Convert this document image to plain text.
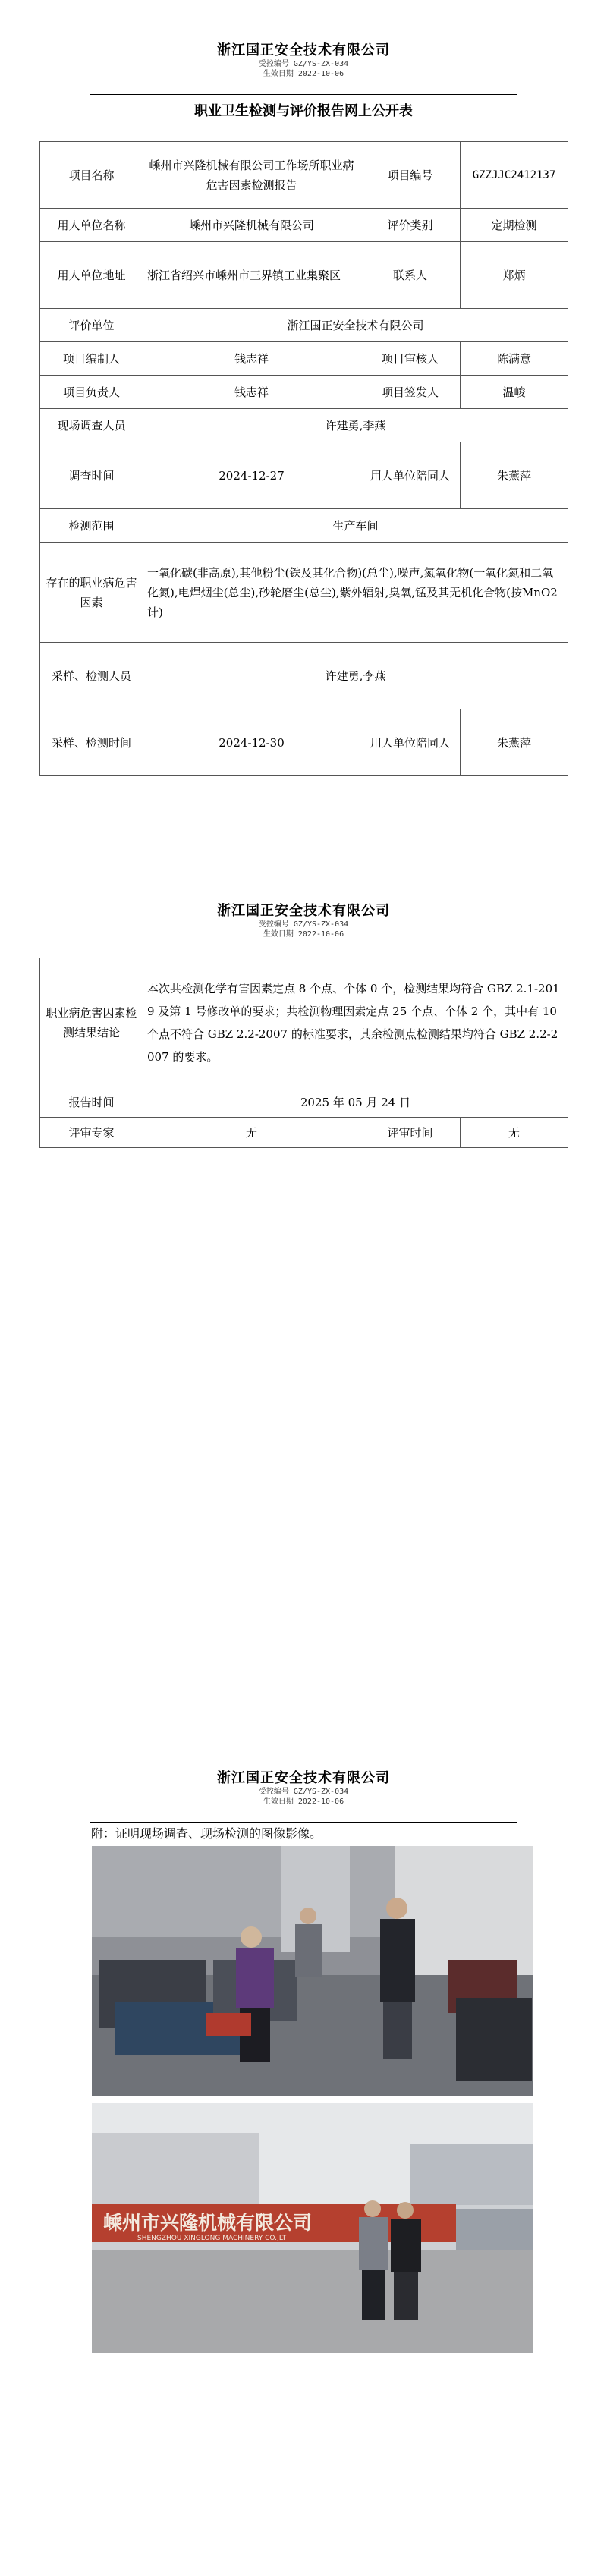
浙江国正安全技术有限公司
受控编号 GZ/YS-ZX-034
生效日期 2022-10-06
职业卫生检测与评价报告网上公开表
项目名称	嵊州市兴隆机械有限公司工作场所职业病危害因素检测报告	项目编号	GZZJJC2412137
用人单位名称	嵊州市兴隆机械有限公司	评价类别	定期检测
用人单位地址	浙江省绍兴市嵊州市三界镇工业集聚区	联系人	郑炳
评价单位	浙江国正安全技术有限公司		
项目编制人	钱志祥	项目审核人	陈满意
项目负责人	钱志祥	项目签发人	温峻
现场调查人员	许建勇,李燕		
调查时间	2024-12-27	用人单位陪同人	朱燕萍
检测范围	生产车间		
存在的职业病危害因素	一氧化碳(非高原),其他粉尘(铁及其化合物)(总尘),噪声,氮氧化物(一氧化氮和二氧化氮),电焊烟尘(总尘),砂轮磨尘(总尘),紫外辐射,臭氧,锰及其无机化合物(按MnO2计)		
采样、检测人员	许建勇,李燕		
采样、检测时间	2024-12-30	用人单位陪同人	朱燕萍
浙江国正安全技术有限公司
受控编号 GZ/YS-ZX-034
生效日期 2022-10-06
职业病危害因素检测结果结论	本次共检测化学有害因素定点 8 个点、个体 0 个，检测结果均符合 GBZ 2.1-2019 及第 1 号修改单的要求；共检测物理因素定点 25 个点、个体 2 个，其中有 10 个点不符合 GBZ 2.2-2007 的标准要求，其余检测点检测结果均符合 GBZ 2.2-2007 的要求。		
报告时间	2025 年 05 月 24 日		
评审专家	无	评审时间	无
浙江国正安全技术有限公司
受控编号 GZ/YS-ZX-034
生效日期 2022-10-06
附：证明现场调查、现场检测的图像影像。
嵊州市兴隆机械有限公司
SHENGZHOU XINGLONG MACHINERY CO.,LT
